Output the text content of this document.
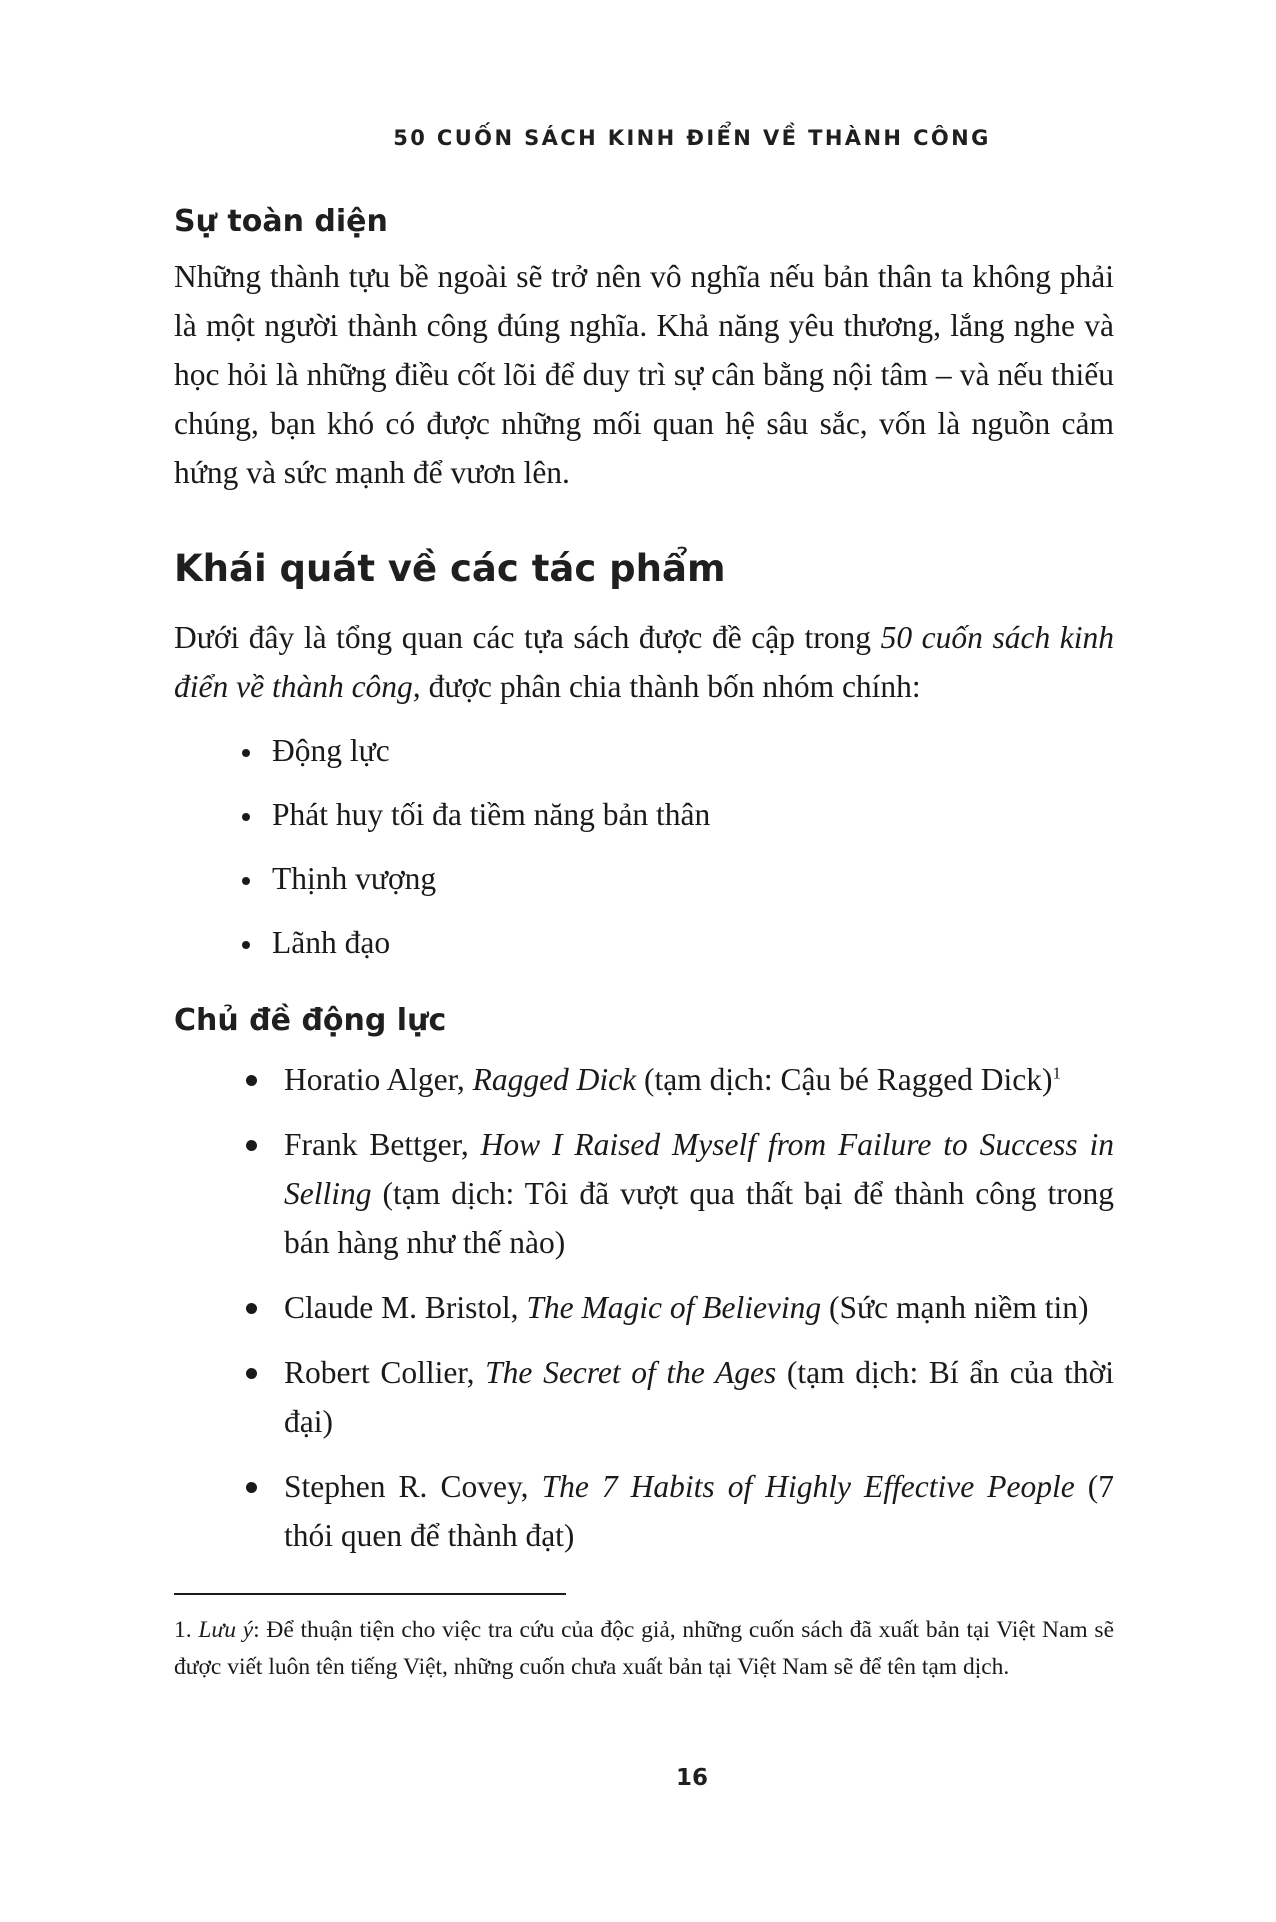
50 CUỐN SÁCH KINH ĐIỂN VỀ THÀNH CÔNG
Sự toàn diện

Những thành tựu bề ngoài sẽ trở nên vô nghĩa nếu bản thân ta không phải là một người thành công đúng nghĩa. Khả năng yêu thương, lắng nghe và học hỏi là những điều cốt lõi để duy trì sự cân bằng nội tâm – và nếu thiếu chúng, bạn khó có được những mối quan hệ sâu sắc, vốn là nguồn cảm hứng và sức mạnh để vươn lên.

Khái quát về các tác phẩm

Dưới đây là tổng quan các tựa sách được đề cập trong 50 cuốn sách kinh điển về thành công, được phân chia thành bốn nhóm chính:

Động lực
Phát huy tối đa tiềm năng bản thân
Thịnh vượng
Lãnh đạo
Chủ đề động lực
Horatio Alger, Ragged Dick (tạm dịch: Cậu bé Ragged Dick)$^1$
Frank Bettger, How I Raised Myself from Failure to Success in Selling (tạm dịch: Tôi đã vượt qua thất bại để thành công trong bán hàng như thế nào)
Claude M. Bristol, The Magic of Believing (Sức mạnh niềm tin)
Robert Collier, The Secret of the Ages (tạm dịch: Bí ẩn của thời đại)
Stephen R. Covey, The 7 Habits of Highly Effective People (7 thói quen để thành đạt)

1. Lưu ý: Để thuận tiện cho việc tra cứu của độc giả, những cuốn sách đã xuất bản tại Việt Nam sẽ được viết luôn tên tiếng Việt, những cuốn chưa xuất bản tại Việt Nam sẽ để tên tạm dịch.

16
